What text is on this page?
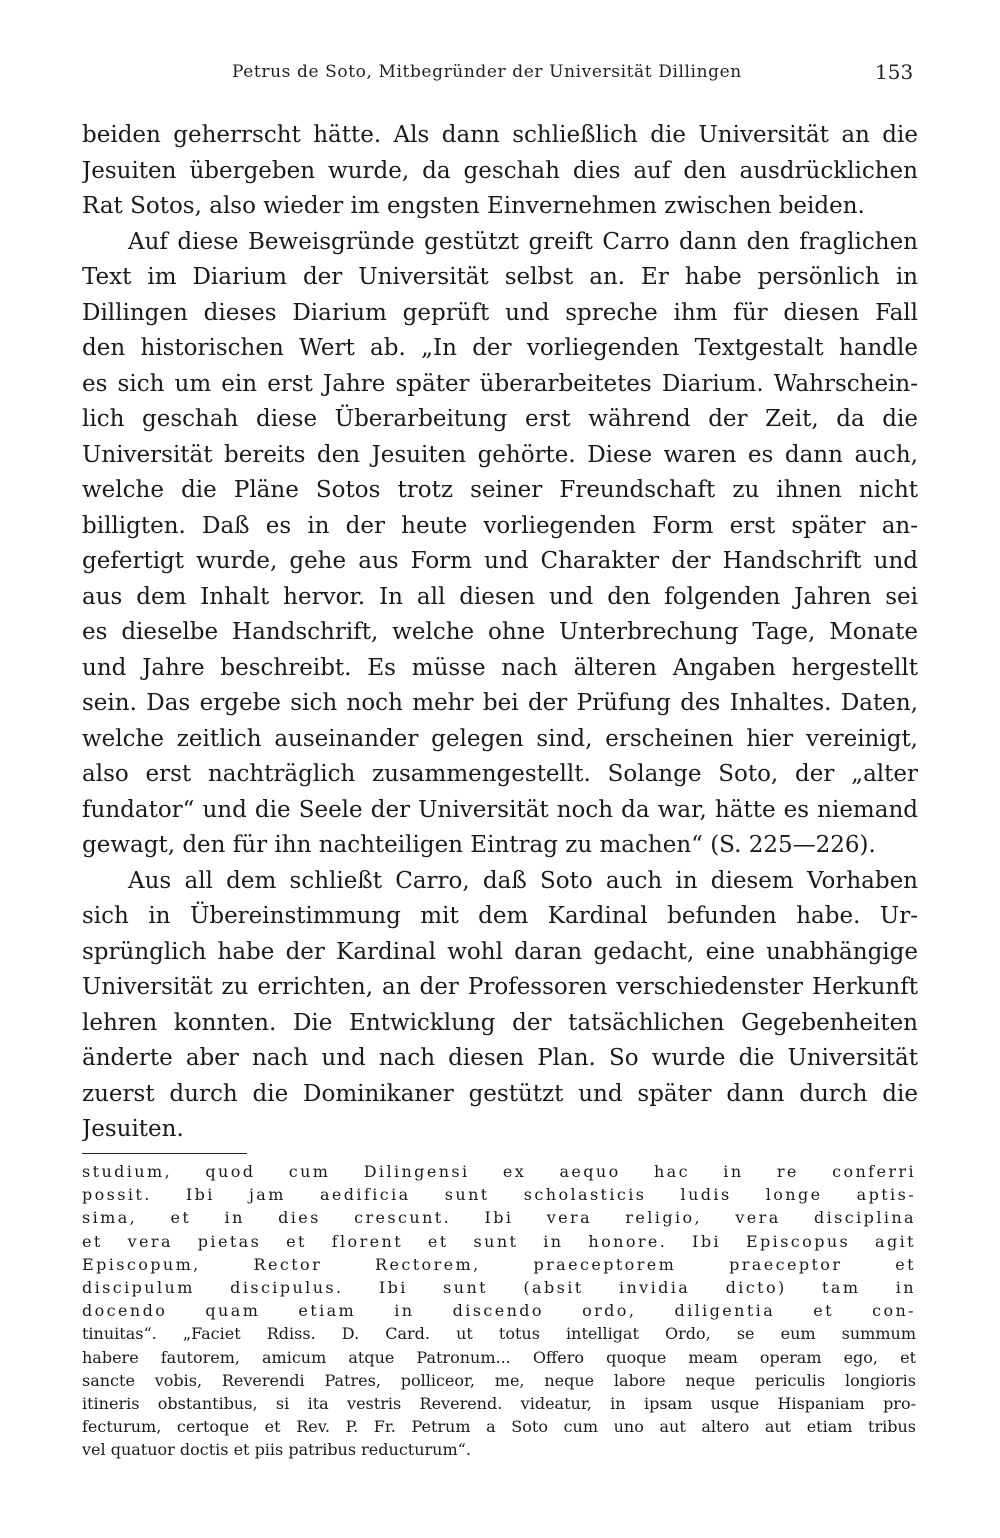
Petrus de Soto, Mitbegründer der Universität Dillingen	153
beiden geherrscht hätte. Als dann schließlich die Universität an die
Jesuiten übergeben wurde, da geschah dies auf den ausdrücklichen
Rat Sotos, also wieder im engsten Einvernehmen zwischen beiden.
Auf diese Beweisgründe gestützt greift Carro dann den fraglichen
Text im Diarium der Universität selbst an. Er habe persönlich in
Dillingen dieses Diarium geprüft und spreche ihm für diesen Fall
den historischen Wert ab. „In der vorliegenden Textgestalt handle
es sich um ein erst Jahre später überarbeitetes Diarium. Wahrschein-
lich geschah diese Überarbeitung erst während der Zeit, da die
Universität bereits den Jesuiten gehörte. Diese waren es dann auch,
welche die Pläne Sotos trotz seiner Freundschaft zu ihnen nicht
billigten. Daß es in der heute vorliegenden Form erst später an-
gefertigt wurde, gehe aus Form und Charakter der Handschrift und
aus dem Inhalt hervor. In all diesen und den folgenden Jahren sei
es dieselbe Handschrift, welche ohne Unterbrechung Tage, Monate
und Jahre beschreibt. Es müsse nach älteren Angaben hergestellt
sein. Das ergebe sich noch mehr bei der Prüfung des Inhaltes. Daten,
welche zeitlich auseinander gelegen sind, erscheinen hier vereinigt,
also erst nachträglich zusammengestellt. Solange Soto, der „alter
fundator“ und die Seele der Universität noch da war, hätte es niemand
gewagt, den für ihn nachteiligen Eintrag zu machen“ (S. 225—226).
Aus all dem schließt Carro, daß Soto auch in diesem Vorhaben
sich in Übereinstimmung mit dem Kardinal befunden habe. Ur-
sprünglich habe der Kardinal wohl daran gedacht, eine unabhängige
Universität zu errichten, an der Professoren verschiedenster Herkunft
lehren konnten. Die Entwicklung der tatsächlichen Gegebenheiten
änderte aber nach und nach diesen Plan. So wurde die Universität
zuerst durch die Dominikaner gestützt und später dann durch die
Jesuiten.
studium, quod cum Dilingensi ex aequo hac in re conferri
possit. Ibi jam aedificia sunt scholasticis ludis longe aptis-
sima, et in dies crescunt. Ibi vera religio, vera disciplina
et vera pietas et florent et sunt in honore. Ibi Episcopus agit
Episcopum, Rector Rectorem, praeceptorem praeceptor et
discipulum discipulus. Ibi sunt (absit invidia dicto) tam in
docendo quam etiam in discendo ordo, diligentia et con-
tinuitas“. „Faciet Rdiss. D. Card. ut totus intelligat Ordo, se eum summum
habere fautorem, amicum atque Patronum... Offero quoque meam operam ego, et
sancte vobis, Reverendi Patres, polliceor, me, neque labore neque periculis longioris
itineris obstantibus, si ita vestris Reverend. videatur, in ipsam usque Hispaniam pro-
fecturum, certoque et Rev. P. Fr. Petrum a Soto cum uno aut altero aut etiam tribus
vel quatuor doctis et piis patribus reducturum“.
